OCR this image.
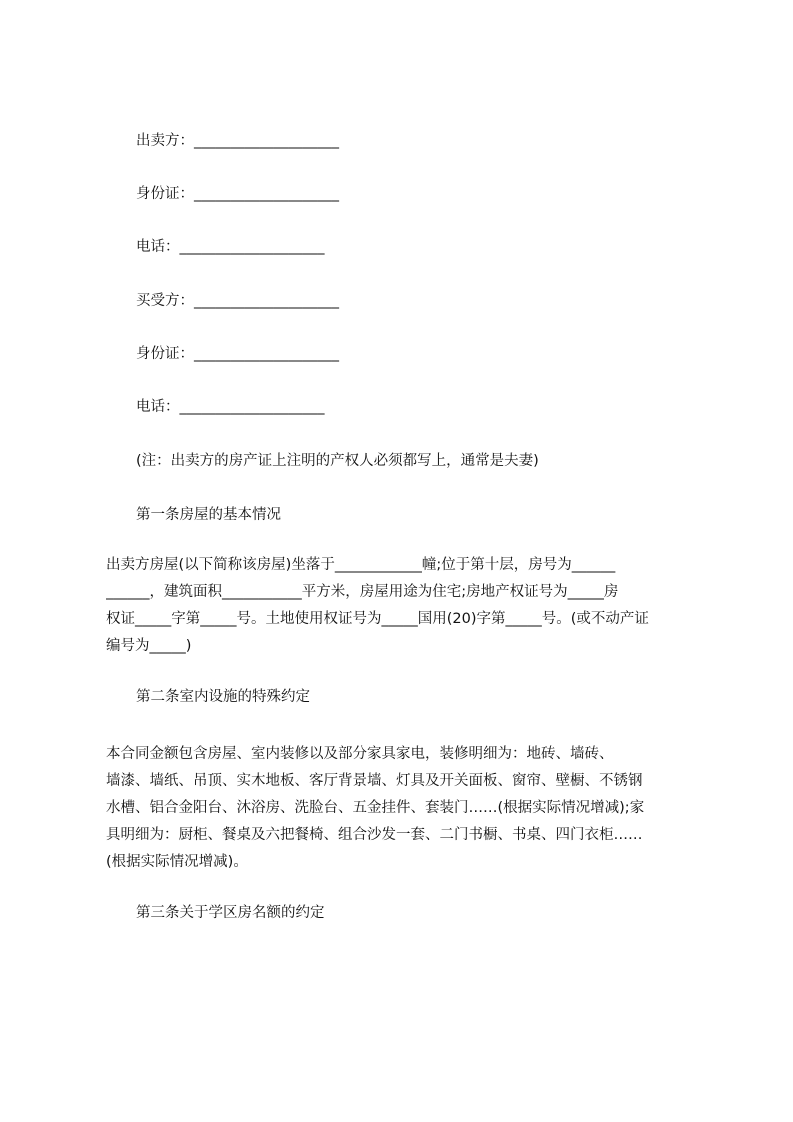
出卖方：____________________
身份证：____________________
电话：____________________
买受方：____________________
身份证：____________________
电话：____________________
(注：出卖方的房产证上注明的产权人必须都写上，通常是夫妻)
第一条房屋的基本情况
出卖方房屋(以下简称该房屋)坐落于____________幢;位于第十层，房号为______
______，建筑面积___________平方米，房屋用途为住宅;房地产权证号为_____房
权证_____字第_____号。土地使用权证号为_____国用(20)字第_____号。(或不动产证
编号为_____)
第二条室内设施的特殊约定
本合同金额包含房屋、室内装修以及部分家具家电，装修明细为：地砖、墙砖、
墙漆、墙纸、吊顶、实木地板、客厅背景墙、灯具及开关面板、窗帘、壁橱、不锈钢
水槽、铝合金阳台、沐浴房、洗脸台、五金挂件、套装门……(根据实际情况增减);家
具明细为：厨柜、餐桌及六把餐椅、组合沙发一套、二门书橱、书桌、四门衣柜……
(根据实际情况增减)。
第三条关于学区房名额的约定
